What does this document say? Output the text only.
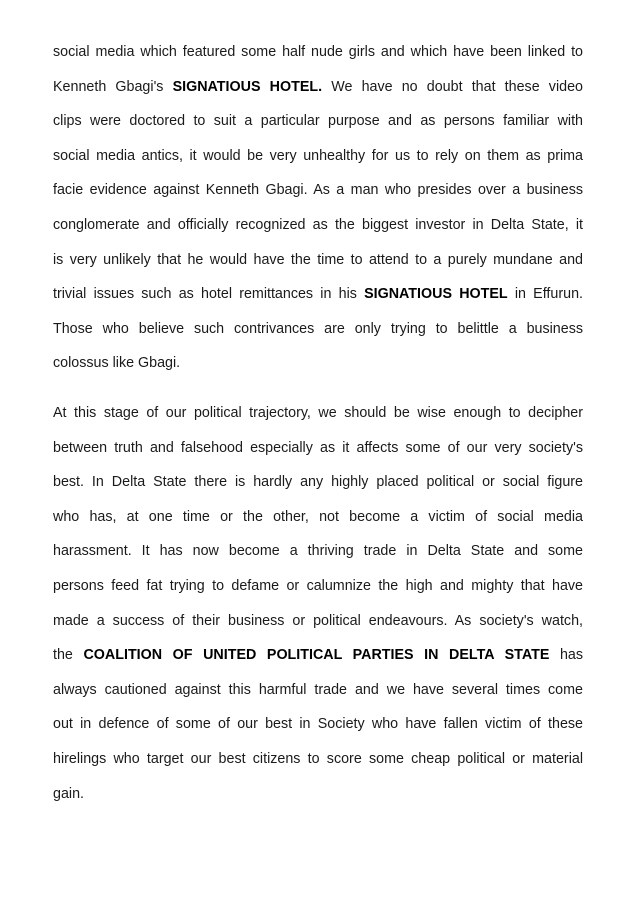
social media which featured some half nude girls and which have been linked to
Kenneth Gbagi's SIGNATIOUS HOTEL. We have no doubt that these video
clips were doctored to suit a particular purpose and as persons familiar with
social media antics, it would be very unhealthy for us to rely on them as prima
facie evidence against Kenneth Gbagi. As a man who presides over a business
conglomerate and officially recognized as the biggest investor in Delta State, it
is very unlikely that he would have the time to attend to a purely mundane and
trivial issues such as hotel remittances in his SIGNATIOUS HOTEL in Effurun.
Those who believe such contrivances are only trying to belittle a business
colossus like Gbagi.
At this stage of our political trajectory, we should be wise enough to decipher
between truth and falsehood especially as it affects some of our very society's
best. In Delta State there is hardly any highly placed political or social figure
who has, at one time or the other, not become a victim of social media
harassment. It has now become a thriving trade in Delta State and some
persons feed fat trying to defame or calumnize the high and mighty that have
made a success of their business or political endeavours. As society's watch,
the COALITION OF UNITED POLITICAL PARTIES IN DELTA STATE has
always cautioned against this harmful trade and we have several times come
out in defence of some of our best in Society who have fallen victim of these
hirelings who target our best citizens to score some cheap political or material
gain.
